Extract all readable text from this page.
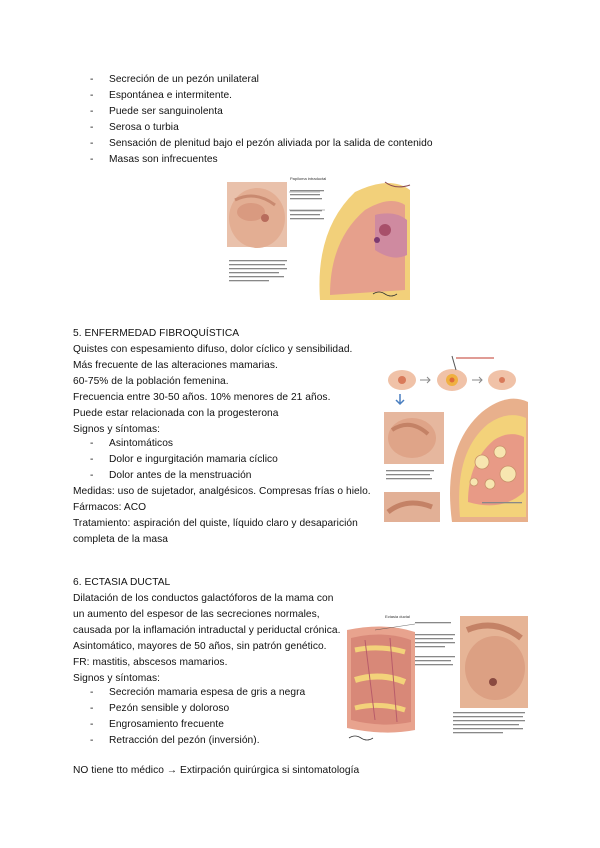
- Secreción de un pezón unilateral
- Espontánea e intermitente.
- Puede ser sanguinolenta
- Serosa o turbia
- Sensación de plenitud bajo el pezón aliviada por la salida de contenido
- Masas son infrecuentes
Papiloma intraductal
5. ENFERMEDAD FIBROQUÍSTICA
Quistes con espesamiento difuso, dolor cíclico y sensibilidad.
Más frecuente de las alteraciones mamarias.
60-75% de la población femenina.
Frecuencia entre 30-50 años. 10% menores de 21 años.
Puede estar relacionada con la progesterona
Signos y síntomas:
- Asintomáticos
- Dolor e ingurgitación mamaria cíclico
- Dolor antes de la menstruación
Medidas: uso de sujetador, analgésicos. Compresas frías o hielo.
Fármacos: ACO
Tratamiento: aspiración del quiste, líquido claro y desaparición
completa de la masa
6. ECTASIA DUCTAL
Dilatación de los conductos galactóforos de la mama con
un aumento del espesor de las secreciones normales,
causada por la inflamación intraductal y periductal crónica.
Asintomático, mayores de 50 años, sin patrón genético.
FR: mastitis, abscesos mamarios.
Signos y síntomas:
- Secreción mamaria espesa de gris a negra
- Pezón sensible y doloroso
- Engrosamiento frecuente
- Retracción del pezón (inversión).
NO tiene tto médico → Extirpación quirúrgica si sintomatología
Ectasia ductal
